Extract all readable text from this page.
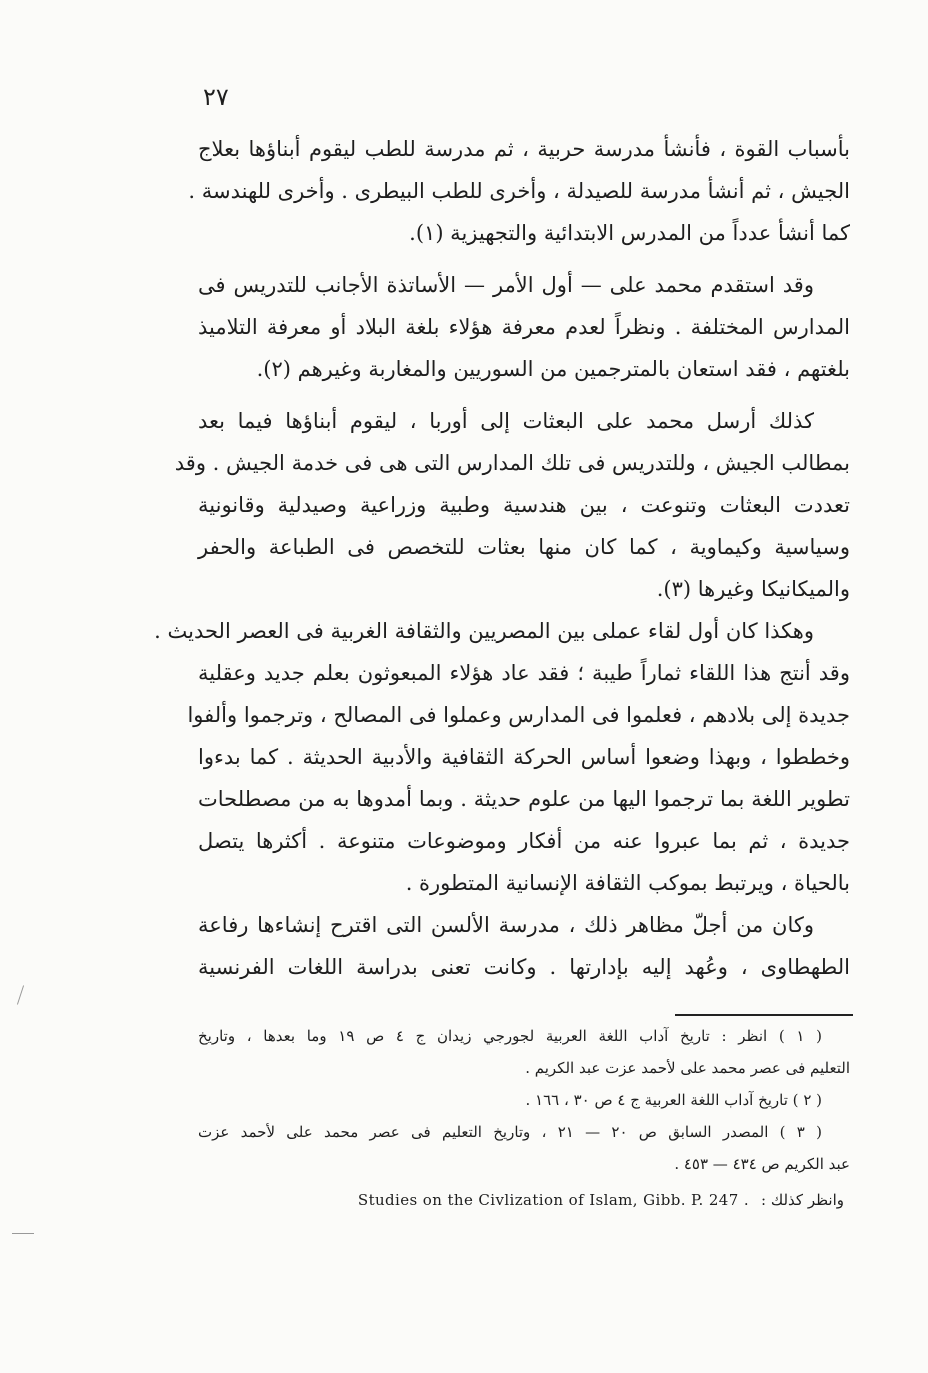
٢٧
بأسباب القوة ، فأنشأ مدرسة حربية ، ثم مدرسة للطب ليقوم أبناؤها بعلاج
الجيش ، ثم أنشأ مدرسة للصيدلة ، وأخرى للطب البيطرى . وأخرى للهندسة .
كما أنشأ عدداً من المدرس الابتدائية والتجهيزية (١).
وقد استقدم محمد على — أول الأمر — الأساتذة الأجانب للتدريس فى
المدارس المختلفة . ونظراً لعدم معرفة هؤلاء بلغة البلاد أو معرفة التلاميذ
بلغتهم ، فقد استعان بالمترجمين من السوريين والمغاربة وغيرهم (٢).
كذلك أرسل محمد على البعثات إلى أوربا ، ليقوم أبناؤها فيما بعد
بمطالب الجيش ، وللتدريس فى تلك المدارس التى هى فى خدمة الجيش . وقد
تعددت البعثات وتنوعت ، بين هندسية وطبية وزراعية وصيدلية وقانونية
وسياسية وكيماوية ، كما كان منها بعثات للتخصص فى الطباعة والحفر
والميكانيكا وغيرها (٣).
وهكذا كان أول لقاء عملى بين المصريين والثقافة الغربية فى العصر الحديث .
وقد أنتج هذا اللقاء ثماراً طيبة ؛ فقد عاد هؤلاء المبعوثون بعلم جديد وعقلية
جديدة إلى بلادهم ، فعلموا فى المدارس وعملوا فى المصالح ، وترجموا وألفوا
وخططوا ، وبهذا وضعوا أساس الحركة الثقافية والأدبية الحديثة . كما بدءوا
تطوير اللغة بما ترجموا اليها من علوم حديثة . وبما أمدوها به من مصطلحات
جديدة ، ثم بما عبروا عنه من أفكار وموضوعات متنوعة . أكثرها يتصل
بالحياة ، ويرتبط بموكب الثقافة الإنسانية المتطورة .
وكان من أجلّ مظاهر ذلك ، مدرسة الألسن التى اقترح إنشاءها رفاعة
الطهطاوى ، وعُهد إليه بإدارتها . وكانت تعنى بدراسة اللغات الفرنسية
( ١ ) انظر : تاريخ آداب اللغة العربية لجورجي زيدان ج ٤ ص ١٩ وما بعدها ، وتاريخ
التعليم فى عصر محمد على لأحمد عزت عبد الكريم .
( ٢ ) تاريخ آداب اللغة العربية ج ٤ ص ٣٠ ، ١٦٦ .
( ٣ ) المصدر السابق ص ٢٠ — ٢١ ، وتاريخ التعليم فى عصر محمد على لأحمد عزت
عبد الكريم ص ٤٣٤ — ٤٥٣ .
وانظر كذلك :
Studies on the Civlization of Islam, Gibb. P. 247 .
